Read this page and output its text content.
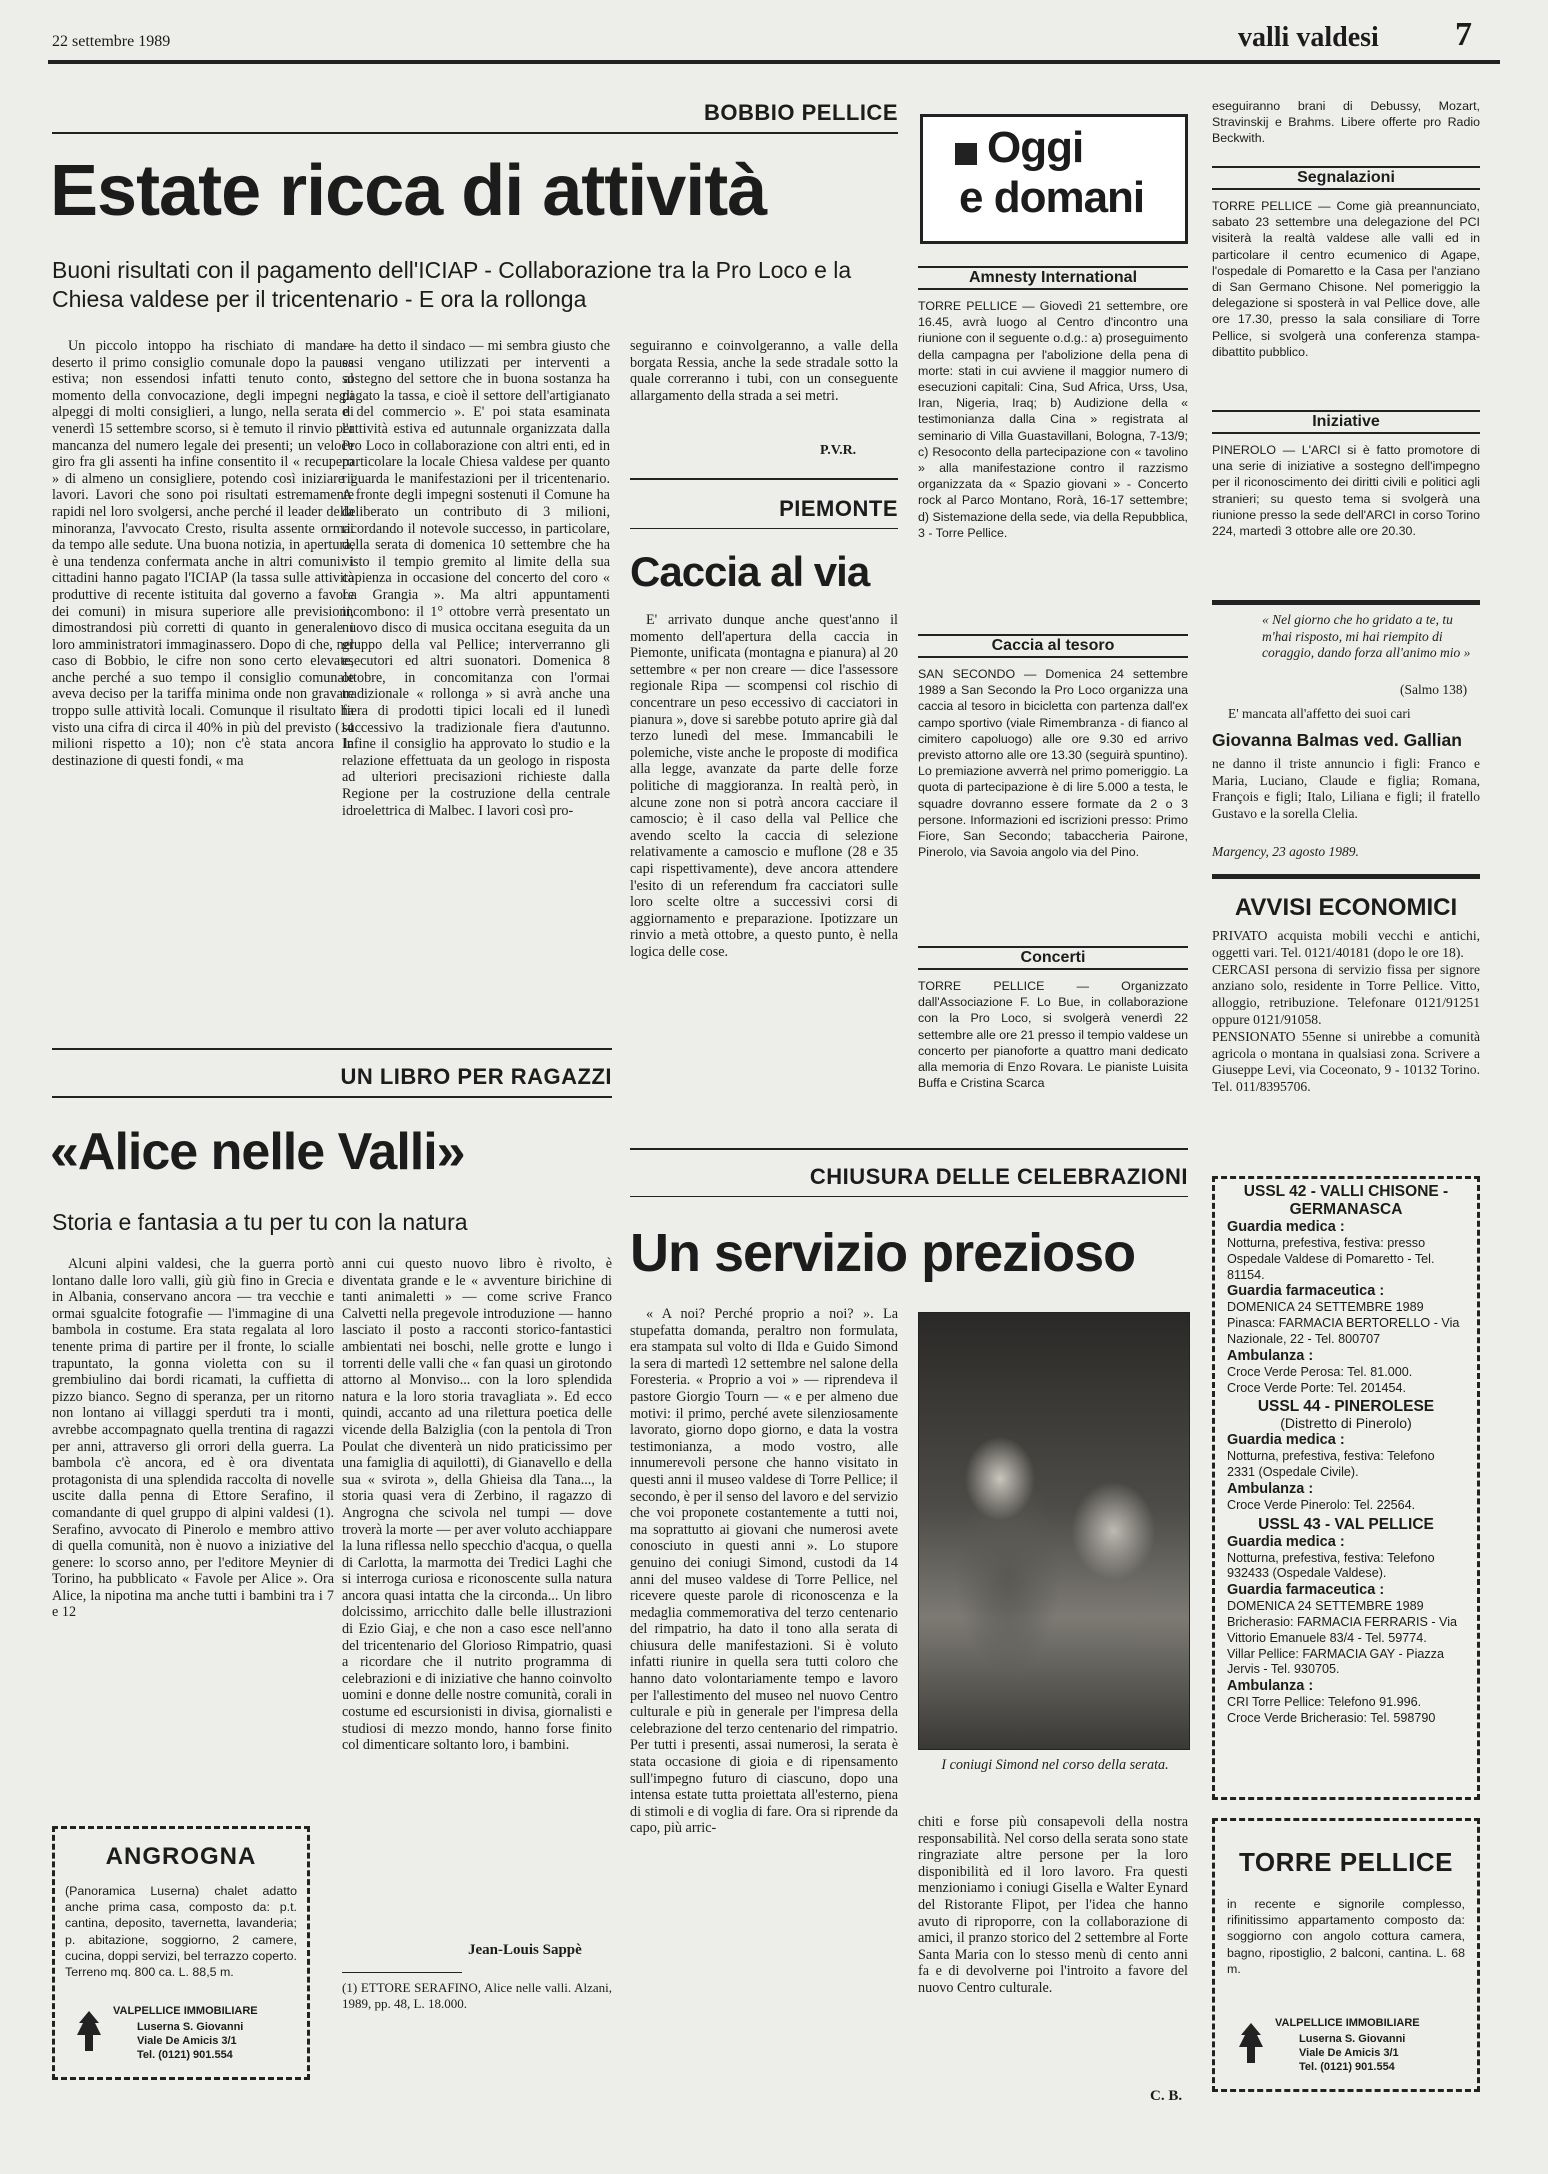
22 settembre 1989	valli valdesi 7
BOBBIO PELLICE
Estate ricca di attività
Buoni risultati con il pagamento dell'ICIAP - Collaborazione tra la Pro Loco e la Chiesa valdese per il tricentenario - E ora la rollonga

Un piccolo intoppo ha rischiato di mandare deserto il primo consiglio comunale dopo la pausa estiva; non essendosi infatti tenuto conto, al momento della convocazione, degli impegni negli alpeggi di molti consiglieri, a lungo, nella serata di venerdì 15 settembre scorso, si è temuto il rinvio per mancanza del numero legale dei presenti; un veloce giro fra gli assenti ha infine consentito il « recupero » di almeno un consigliere, potendo così iniziare i lavori. Lavori che sono poi risultati estremamente rapidi nel loro svolgersi, anche perché il leader della minoranza, l'avvocato Cresto, risulta assente ormai da tempo alle sedute. Una buona notizia, in apertura, è una tendenza confermata anche in altri comuni: i cittadini hanno pagato l'ICIAP (la tassa sulle attività produttive di recente istituita dal governo a favore dei comuni) in misura superiore alle previsioni, dimostrandosi più corretti di quanto in generale i loro amministratori immaginassero. Dopo di che, nel caso di Bobbio, le cifre non sono certo elevate, anche perché a suo tempo il consiglio comunale aveva deciso per la tariffa minima onde non gravare troppo sulle attività locali. Comunque il risultato ha visto una cifra di circa il 40% in più del previsto (14 milioni rispetto a 10); non c'è stata ancora la destinazione di questi fondi, « ma

— ha detto il sindaco — mi sembra giusto che essi vengano utilizzati per interventi a sostegno del settore che in buona sostanza ha pagato la tassa, e cioè il settore dell'artigianato e del commercio ». E' poi stata esaminata l'attività estiva ed autunnale organizzata dalla Pro Loco in collaborazione con altri enti, ed in particolare la locale Chiesa valdese per quanto riguarda le manifestazioni per il tricentenario. A fronte degli impegni sostenuti il Comune ha deliberato un contributo di 3 milioni, ricordando il notevole successo, in particolare, della serata di domenica 10 settembre che ha visto il tempio gremito al limite della sua capienza in occasione del concerto del coro « La Grangia ». Ma altri appuntamenti incombono: il 1° ottobre verrà presentato un nuovo disco di musica occitana eseguita da un gruppo della val Pellice; interverranno gli esecutori ed altri suonatori. Domenica 8 ottobre, in concomitanza con l'ormai tradizionale « rollonga » si avrà anche una fiera di prodotti tipici locali ed il lunedì successivo la tradizionale fiera d'autunno. Infine il consiglio ha approvato lo studio e la relazione effettuata da un geologo in risposta ad ulteriori precisazioni richieste dalla Regione per la costruzione della centrale idroelettrica di Malbec. I lavori così pro-

seguiranno e coinvolgeranno, a valle della borgata Ressia, anche la sede stradale sotto la quale correranno i tubi, con un conseguente allargamento della strada a sei metri.

P.V.R.
PIEMONTE
Caccia al via

E' arrivato dunque anche quest'anno il momento dell'apertura della caccia in Piemonte, unificata (montagna e pianura) al 20 settembre « per non creare — dice l'assessore regionale Ripa — scompensi col rischio di concentrare un peso eccessivo di cacciatori in pianura », dove si sarebbe potuto aprire già dal terzo lunedì del mese. Immancabili le polemiche, viste anche le proposte di modifica alla legge, avanzate da parte delle forze politiche di maggioranza. In realtà però, in alcune zone non si potrà ancora cacciare il camoscio; è il caso della val Pellice che avendo scelto la caccia di selezione relativamente a camoscio e muflone (28 e 35 capi rispettivamente), deve ancora attendere l'esito di un referendum fra cacciatori sulle loro scelte oltre a successivi corsi di aggiornamento e preparazione. Ipotizzare un rinvio a metà ottobre, a questo punto, è nella logica delle cose.

UN LIBRO PER RAGAZZI
«Alice nelle Valli»
Storia e fantasia a tu per tu con la natura

Alcuni alpini valdesi, che la guerra portò lontano dalle loro valli, giù giù fino in Grecia e in Albania, conservano ancora — tra vecchie e ormai sgualcite fotografie — l'immagine di una bambola in costume. Era stata regalata al loro tenente prima di partire per il fronte, lo scialle trapuntato, la gonna violetta con su il grembiulino dai bordi ricamati, la cuffietta di pizzo bianco. Segno di speranza, per un ritorno non lontano ai villaggi sperduti tra i monti, avrebbe accompagnato quella trentina di ragazzi per anni, attraverso gli orrori della guerra. La bambola c'è ancora, ed è ora diventata protagonista di una splendida raccolta di novelle uscite dalla penna di Ettore Serafino, il comandante di quel gruppo di alpini valdesi (1). Serafino, avvocato di Pinerolo e membro attivo di quella comunità, non è nuovo a iniziative del genere: lo scorso anno, per l'editore Meynier di Torino, ha pubblicato « Favole per Alice ». Ora Alice, la nipotina ma anche tutti i bambini tra i 7 e 12

anni cui questo nuovo libro è rivolto, è diventata grande e le « avventure birichine di tanti animaletti » — come scrive Franco Calvetti nella pregevole introduzione — hanno lasciato il posto a racconti storico-fantastici ambientati nei boschi, nelle grotte e lungo i torrenti delle valli che « fan quasi un girotondo attorno al Monviso... con la loro splendida natura e la loro storia travagliata ». Ed ecco quindi, accanto ad una rilettura poetica delle vicende della Balziglia (con la pentola di Tron Poulat che diventerà un nido praticissimo per una famiglia di aquilotti), di Gianavello e della sua « svirota », della Ghieisa dla Tana..., la storia quasi vera di Zerbino, il ragazzo di Angrogna che scivola nel tumpi — dove troverà la morte — per aver voluto acchiappare la luna riflessa nello specchio d'acqua, o quella di Carlotta, la marmotta dei Tredici Laghi che si interroga curiosa e riconoscente sulla natura ancora quasi intatta che la circonda... Un libro dolcissimo, arricchito dalle belle illustrazioni di Ezio Giaj, e che non a caso esce nell'anno del tricentenario del Glorioso Rimpatrio, quasi a ricordare che il nutrito programma di celebrazioni e di iniziative che hanno coinvolto uomini e donne delle nostre comunità, corali in costume ed escursionisti in divisa, giornalisti e studiosi di mezzo mondo, hanno forse finito col dimenticare soltanto loro, i bambini.

Jean-Louis Sappè
(1) ETTORE SERAFINO, Alice nelle valli. Alzani, 1989, pp. 48, L. 18.000.
ANGROGNA
(Panoramica Luserna) chalet adatto anche prima casa, composto da: p.t. cantina, deposito, tavernetta, lavanderia; p. abitazione, soggiorno, 2 camere, cucina, doppi servizi, bel terrazzo coperto. Terreno mq. 800 ca. L. 88,5 m.
VALPELLICE IMMOBILIARE
Luserna S. Giovanni
Viale De Amicis 3/1
Tel. (0121) 901.554
CHIUSURA DELLE CELEBRAZIONI
Un servizio prezioso

« A noi? Perché proprio a noi? ». La stupefatta domanda, peraltro non formulata, era stampata sul volto di Ilda e Guido Simond la sera di martedì 12 settembre nel salone della Foresteria. « Proprio a voi » — riprendeva il pastore Giorgio Tourn — « e per almeno due motivi: il primo, perché avete silenziosamente lavorato, giorno dopo giorno, e data la vostra testimonianza, a modo vostro, alle innumerevoli persone che hanno visitato in questi anni il museo valdese di Torre Pellice; il secondo, è per il senso del lavoro e del servizio che voi proponete costantemente a tutti noi, ma soprattutto ai giovani che numerosi avete conosciuto in questi anni ». Lo stupore genuino dei coniugi Simond, custodi da 14 anni del museo valdese di Torre Pellice, nel ricevere queste parole di riconoscenza e la medaglia commemorativa del terzo centenario del rimpatrio, ha dato il tono alla serata di chiusura delle manifestazioni. Si è voluto infatti riunire in quella sera tutti coloro che hanno dato volontariamente tempo e lavoro per l'allestimento del museo nel nuovo Centro culturale e più in generale per l'impresa della celebrazione del terzo centenario del rimpatrio. Per tutti i presenti, assai numerosi, la serata è stata occasione di gioia e di ripensamento sull'impegno futuro di ciascuno, dopo una intensa estate tutta proiettata all'esterno, piena di stimoli e di voglia di fare. Ora si riprende da capo, più arric-

I coniugi Simond nel corso della serata.

chiti e forse più consapevoli della nostra responsabilità. Nel corso della serata sono state ringraziate altre persone per la loro disponibilità ed il loro lavoro. Fra questi menzioniamo i coniugi Gisella e Walter Eynard del Ristorante Flipot, per l'idea che hanno avuto di riproporre, con la collaborazione di amici, il pranzo storico del 2 settembre al Forte Santa Maria con lo stesso menù di cento anni fa e di devolverne poi l'introito a favore del nuovo Centro culturale.

C. B.
Oggi
e domani
Amnesty International
TORRE PELLICE — Giovedì 21 settembre, ore 16.45, avrà luogo al Centro d'incontro una riunione con il seguente o.d.g.: a) proseguimento della campagna per l'abolizione della pena di morte: stati in cui avviene il maggior numero di esecuzioni capitali: Cina, Sud Africa, Urss, Usa, Iran, Nigeria, Iraq; b) Audizione della « testimonianza dalla Cina » registrata al seminario di Villa Guastavillani, Bologna, 7-13/9; c) Resoconto della partecipazione con « tavolino » alla manifestazione contro il razzismo organizzata da « Spazio giovani » - Concerto rock al Parco Montano, Rorà, 16-17 settembre; d) Sistemazione della sede, via della Repubblica, 3 - Torre Pellice.
Caccia al tesoro
SAN SECONDO — Domenica 24 settembre 1989 a San Secondo la Pro Loco organizza una caccia al tesoro in bicicletta con partenza dall'ex campo sportivo (viale Rimembranza - di fianco al cimitero capoluogo) alle ore 9.30 ed arrivo previsto attorno alle ore 13.30 (seguirà spuntino). Lo premiazione avverrà nel primo pomeriggio. La quota di partecipazione è di lire 5.000 a testa, le squadre dovranno essere formate da 2 o 3 persone. Informazioni ed iscrizioni presso: Primo Fiore, San Secondo; tabaccheria Pairone, Pinerolo, via Savoia angolo via del Pino.
Concerti
TORRE PELLICE — Organizzato dall'Associazione F. Lo Bue, in collaborazione con la Pro Loco, si svolgerà venerdì 22 settembre alle ore 21 presso il tempio valdese un concerto per pianoforte a quattro mani dedicato alla memoria di Enzo Rovara. Le pianiste Luisita Buffa e Cristina Scarca
eseguiranno brani di Debussy, Mozart, Stravinskij e Brahms. Libere offerte pro Radio Beckwith.
Segnalazioni
TORRE PELLICE — Come già preannunciato, sabato 23 settembre una delegazione del PCI visiterà la realtà valdese alle valli ed in particolare il centro ecumenico di Agape, l'ospedale di Pomaretto e la Casa per l'anziano di San Germano Chisone. Nel pomeriggio la delegazione si sposterà in val Pellice dove, alle ore 17.30, presso la sala consiliare di Torre Pellice, si svolgerà una conferenza stampa-dibattito pubblico.
Iniziative
PINEROLO — L'ARCI si è fatto promotore di una serie di iniziative a sostegno dell'impegno per il riconoscimento dei diritti civili e politici agli stranieri; su questo tema si svolgerà una riunione presso la sede dell'ARCI in corso Torino 224, martedì 3 ottobre alle ore 20.30.
« Nel giorno che ho gridato a te, tu m'hai risposto, mi hai riempito di coraggio, dando forza all'animo mio »
(Salmo 138)
E' mancata all'affetto dei suoi cari
Giovanna Balmas ved. Gallian
ne danno il triste annuncio i figli: Franco e Maria, Luciano, Claude e figlia; Romana, François e figli; Italo, Liliana e figli; il fratello Gustavo e la sorella Clelia.
Margency, 23 agosto 1989.
AVVISI ECONOMICI
PRIVATO acquista mobili vecchi e antichi, oggetti vari. Tel. 0121/40181 (dopo le ore 18).
CERCASI persona di servizio fissa per signore anziano solo, residente in Torre Pellice. Vitto, alloggio, retribuzione. Telefonare 0121/91251 oppure 0121/91058.
PENSIONATO 55enne si unirebbe a comunità agricola o montana in qualsiasi zona. Scrivere a Giuseppe Levi, via Coceonato, 9 - 10132 Torino. Tel. 011/8395706.
USSL 42 - VALLI CHISONE - GERMANASCA
Guardia medica :
Notturna, prefestiva, festiva: presso Ospedale Valdese di Pomaretto - Tel. 81154.
Guardia farmaceutica :
DOMENICA 24 SETTEMBRE 1989
Pinasca: FARMACIA BERTORELLO - Via Nazionale, 22 - Tel. 800707
Ambulanza :
Croce Verde Perosa: Tel. 81.000.
Croce Verde Porte: Tel. 201454.
USSL 44 - PINEROLESE
(Distretto di Pinerolo)
Guardia medica :
Notturna, prefestiva, festiva: Telefono 2331 (Ospedale Civile).
Ambulanza :
Croce Verde Pinerolo: Tel. 22564.
USSL 43 - VAL PELLICE
Guardia medica :
Notturna, prefestiva, festiva: Telefono 932433 (Ospedale Valdese).
Guardia farmaceutica :
DOMENICA 24 SETTEMBRE 1989
Bricherasio: FARMACIA FERRARIS - Via Vittorio Emanuele 83/4 - Tel. 59774.
Villar Pellice: FARMACIA GAY - Piazza Jervis - Tel. 930705.
Ambulanza :
CRI Torre Pellice: Telefono 91.996.
Croce Verde Bricherasio: Tel. 598790
TORRE PELLICE
in recente e signorile complesso, rifinitissimo appartamento composto da: soggiorno con angolo cottura camera, bagno, ripostiglio, 2 balconi, cantina. L. 68 m.
VALPELLICE IMMOBILIARE
Luserna S. Giovanni
Viale De Amicis 3/1
Tel. (0121) 901.554
